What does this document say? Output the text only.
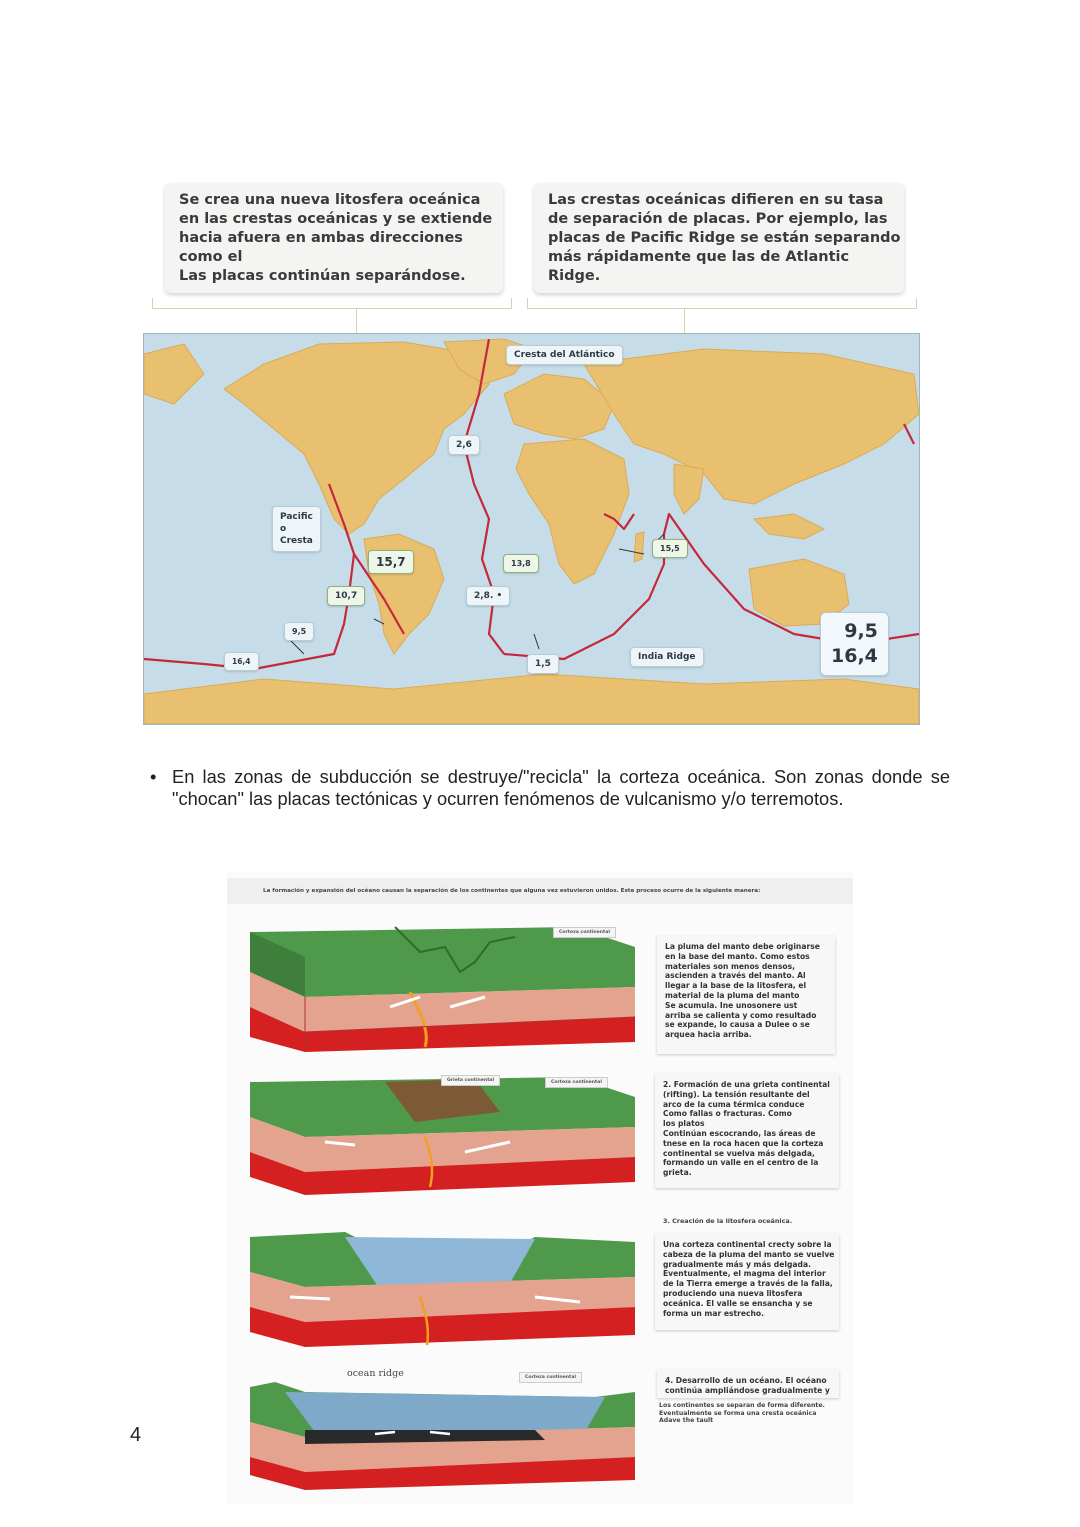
Se crea una nueva litosfera oceánica
en las crestas oceánicas y se extiende
hacia afuera en ambas direcciones
como el
Las placas continúan separándose.
Las crestas oceánicas difieren en su tasa
de separación de placas. Por ejemplo, las
placas de Pacific Ridge se están separando
más rápidamente que las de Atlantic
Ridge.
Cresta del Atlántico
Pacific
o
Cresta
2,6
15,7
10,7
9,5
16,4
13,8
2,8. •
1,5
15,5
India Ridge
9,5
16,4
• En las zonas de subducción se destruye/"recicla" la corteza oceánica. Son zonas donde se "chocan" las placas tectónicas y ocurren fenómenos de vulcanismo y/o terremotos.
La formación y expansión del océano causan la separación de los continentes que alguna vez estuvieron unidos. Este proceso ocurre de la siguiente manera:
Corteza continental
Grieta continental	Corteza continental
ocean ridge	Corteza continental
La pluma del manto debe originarse
en la base del manto. Como estos
materiales son menos densos,
ascienden a través del manto. Al
llegar a la base de la litosfera, el
material de la pluma del manto
Se acumula. Ine unosonere ust
arriba se calienta y como resultado
se expande, lo causa a Dulee o se
arquea hacia arriba.
2. Formación de una grieta continental
(rifting). La tensión resultante del
arco de la cuma térmica conduce
Como fallas o fracturas. Como
los platos
Continúan escocrando, las áreas de
tnese en la roca hacen que la corteza
continental se vuelva más delgada,
formando un valle en el centro de la
grieta.
3. Creación de la litosfera oceánica.
Una corteza continental crecty sobre la
cabeza de la pluma del manto se vuelve
gradualmente más y más delgada.
Eventualmente, el magma del interior
de la Tierra emerge a través de la falla,
produciendo una nueva litosfera
oceánica. El valle se ensancha y se
forma un mar estrecho.
4. Desarrollo de un océano. El océano
continúa ampliándose gradualmente y
Los continentes se separan de forma diferente.
Eventualmente se forma una cresta oceánica
Adave the tault
4
